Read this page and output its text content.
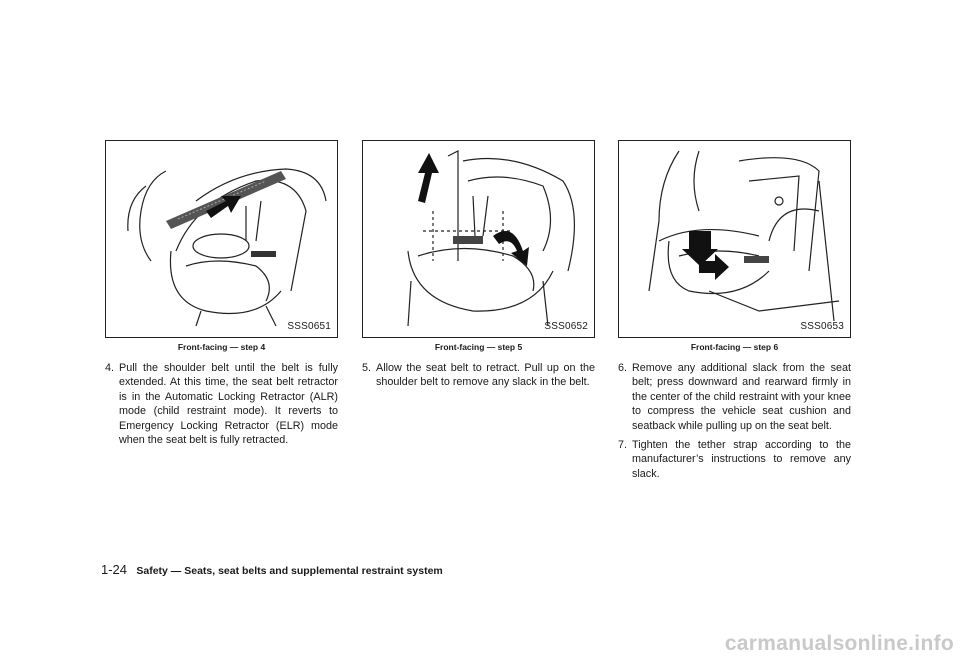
SSS0651
Front-facing — step 4
4. Pull the shoulder belt until the belt is fully extended. At this time, the seat belt retractor is in the Automatic Locking Retractor (ALR) mode (child restraint mode). It reverts to Emergency Locking Retractor (ELR) mode when the seat belt is fully retracted.
SSS0652
Front-facing — step 5
5. Allow the seat belt to retract. Pull up on the shoulder belt to remove any slack in the belt.
SSS0653
Front-facing — step 6
6. Remove any additional slack from the seat belt; press downward and rearward firmly in the center of the child restraint with your knee to compress the vehicle seat cushion and seatback while pulling up on the seat belt.
7. Tighten the tether strap according to the manufacturer’s instructions to remove any slack.
1-24 Safety — Seats, seat belts and supplemental restraint system
carmanualsonline.info
